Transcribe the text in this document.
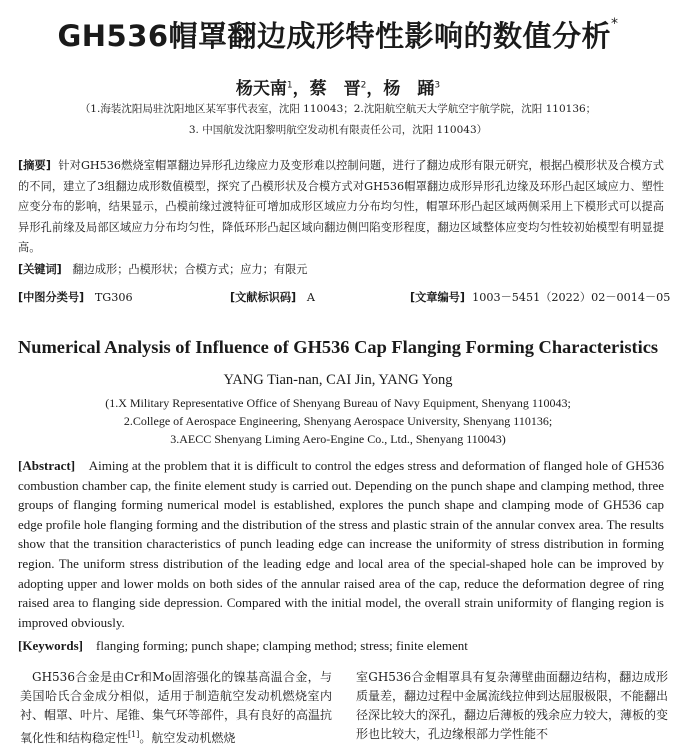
GH536帽罩翻边成形特性影响的数值分析*
杨天南$^1$，蔡　晋$^2$，杨　踊$^3$
（1.海装沈阳局驻沈阳地区某军事代表室，沈阳 110043；2.沈阳航空航天大学航空宇航学院，沈阳 110136；
3. 中国航发沈阳黎明航空发动机有限责任公司，沈阳 110043）
[摘要] 针对GH536燃烧室帽罩翻边异形孔边缘应力及变形难以控制问题，进行了翻边成形有限元研究，根据凸模形状及合模方式的不同，建立了3组翻边成形数值模型，探究了凸模形状及合模方式对GH536帽罩翻边成形异形孔边缘及环形凸起区域应力、塑性应变分布的影响，结果显示，凸模前缘过渡特征可增加成形区域应力分布均匀性，帽罩环形凸起区域两侧采用上下模形式可以提高异形孔前缘及局部区域应力分布均匀性，降低环形凸起区域向翻边侧凹陷变形程度，翻边区域整体应变均匀性较初始模型有明显提高。
[关键词] 翻边成形；凸模形状；合模方式；应力；有限元
[中图分类号] TG306	[文献标识码] A	[文章编号] 1003－5451（2022）02－0014－05
Numerical Analysis of Influence of GH536 Cap Flanging Forming Characteristics
YANG Tian-nan, CAI Jin, YANG Yong
(1.X Military Representative Office of Shenyang Bureau of Navy Equipment, Shenyang 110043;
2.College of Aerospace Engineering, Shenyang Aerospace University, Shenyang 110136;
3.AECC Shenyang Liming Aero-Engine Co., Ltd., Shenyang 110043)
[Abstract] Aiming at the problem that it is difficult to control the edges stress and deformation of flanged hole of GH536 combustion chamber cap, the finite element study is carried out. Depending on the punch shape and clamping method, three groups of flanging forming numerical model is established, explores the punch shape and clamping mode of GH536 cap edge profile hole flanging forming and the distribution of the stress and plastic strain of the annular convex area. The results show that the transition characteristics of punch leading edge can increase the uniformity of stress distribution in forming region. The uniform stress distribution of the leading edge and local area of the special-shaped hole can be improved by adopting upper and lower molds on both sides of the annular raised area of the cap, reduce the deformation degree of ring raised area to flanging side depression. Compared with the initial model, the overall strain uniformity of flanging region is improved obviously.
[Keywords] flanging forming; punch shape; clamping method; stress; finite element
 GH536合金是由Cr和Mo固溶强化的镍基高温合金，与美国哈氏合金成分相似，适用于制造航空发动机燃烧室内衬、帽罩、叶片、尾锥、集气环等部件，具有良好的高温抗氧化性和结构稳定性[1]。航空发动机燃烧
室GH536合金帽罩具有复杂薄壁曲面翻边结构，翻边成形质量差，翻边过程中金属流线拉伸到达屈服极限，不能翻出径深比较大的深孔，翻边后薄板的残余应力较大，薄板的变形也比较大，孔边缘根部力学性能不
